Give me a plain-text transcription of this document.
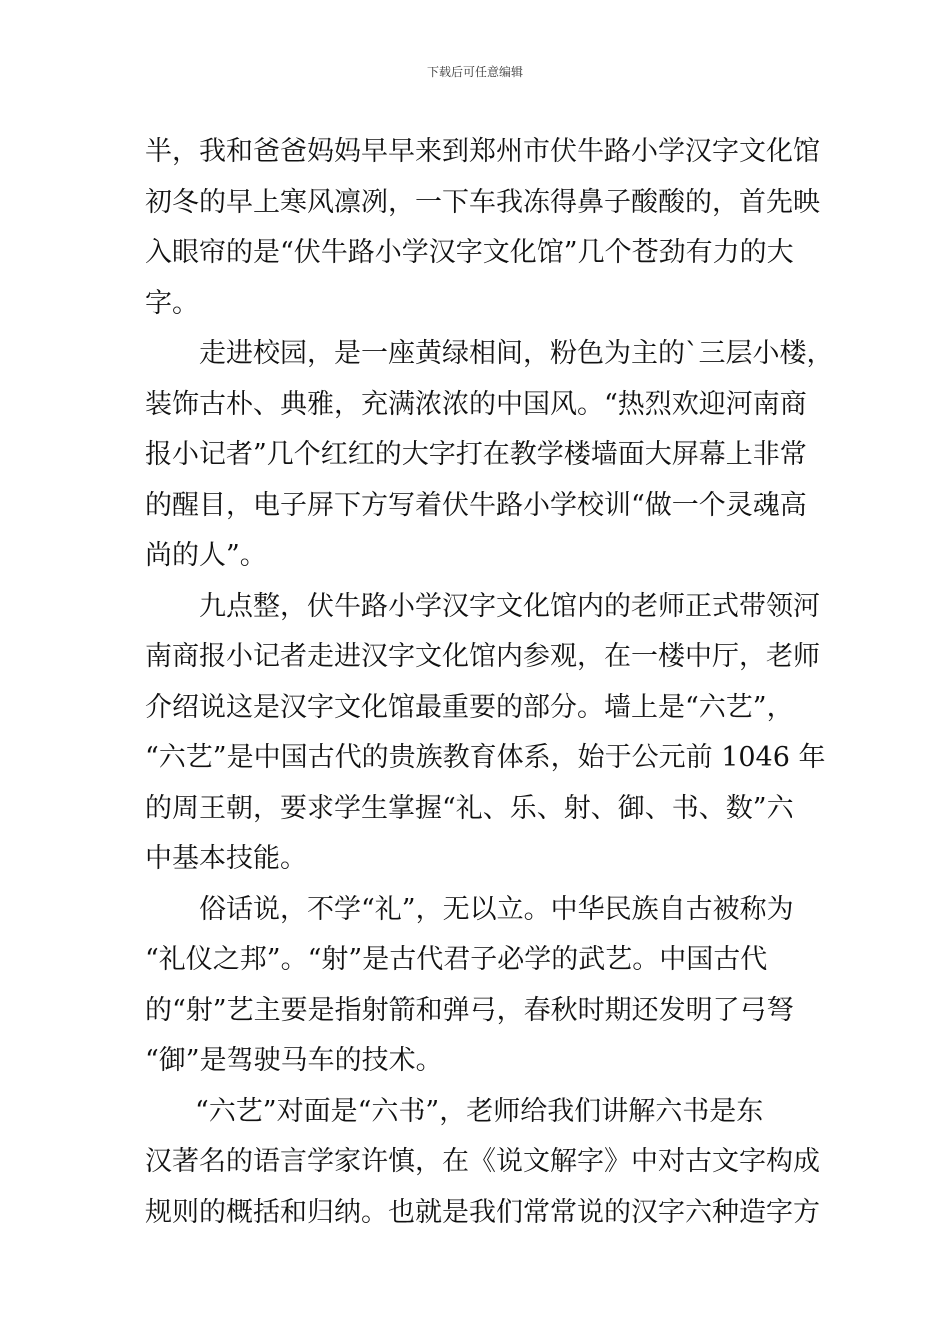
下载后可任意编辑
半，我和爸爸妈妈早早来到郑州市伏牛路小学汉字文化馆
初冬的早上寒风凛冽，一下车我冻得鼻子酸酸的，首先映
入眼帘的是“伏牛路小学汉字文化馆”几个苍劲有力的大
字。
走进校园，是一座黄绿相间，粉色为主的`三层小楼，
装饰古朴、典雅，充满浓浓的中国风。“热烈欢迎河南商
报小记者”几个红红的大字打在教学楼墙面大屏幕上非常
的醒目，电子屏下方写着伏牛路小学校训“做一个灵魂高
尚的人”。
九点整，伏牛路小学汉字文化馆内的老师正式带领河
南商报小记者走进汉字文化馆内参观，在一楼中厅，老师
介绍说这是汉字文化馆最重要的部分。墙上是“六艺”，
“六艺”是中国古代的贵族教育体系，始于公元前 1046 年
的周王朝，要求学生掌握“礼、乐、射、御、书、数”六
中基本技能。
俗话说，不学“礼”，无以立。中华民族自古被称为
“礼仪之邦”。“射”是古代君子必学的武艺。中国古代
的“射”艺主要是指射箭和弹弓，春秋时期还发明了弓弩
“御”是驾驶马车的技术。
“六艺”对面是“六书”，老师给我们讲解六书是东
汉著名的语言学家许慎，在《说文解字》中对古文字构成
规则的概括和归纳。也就是我们常常说的汉字六种造字方
